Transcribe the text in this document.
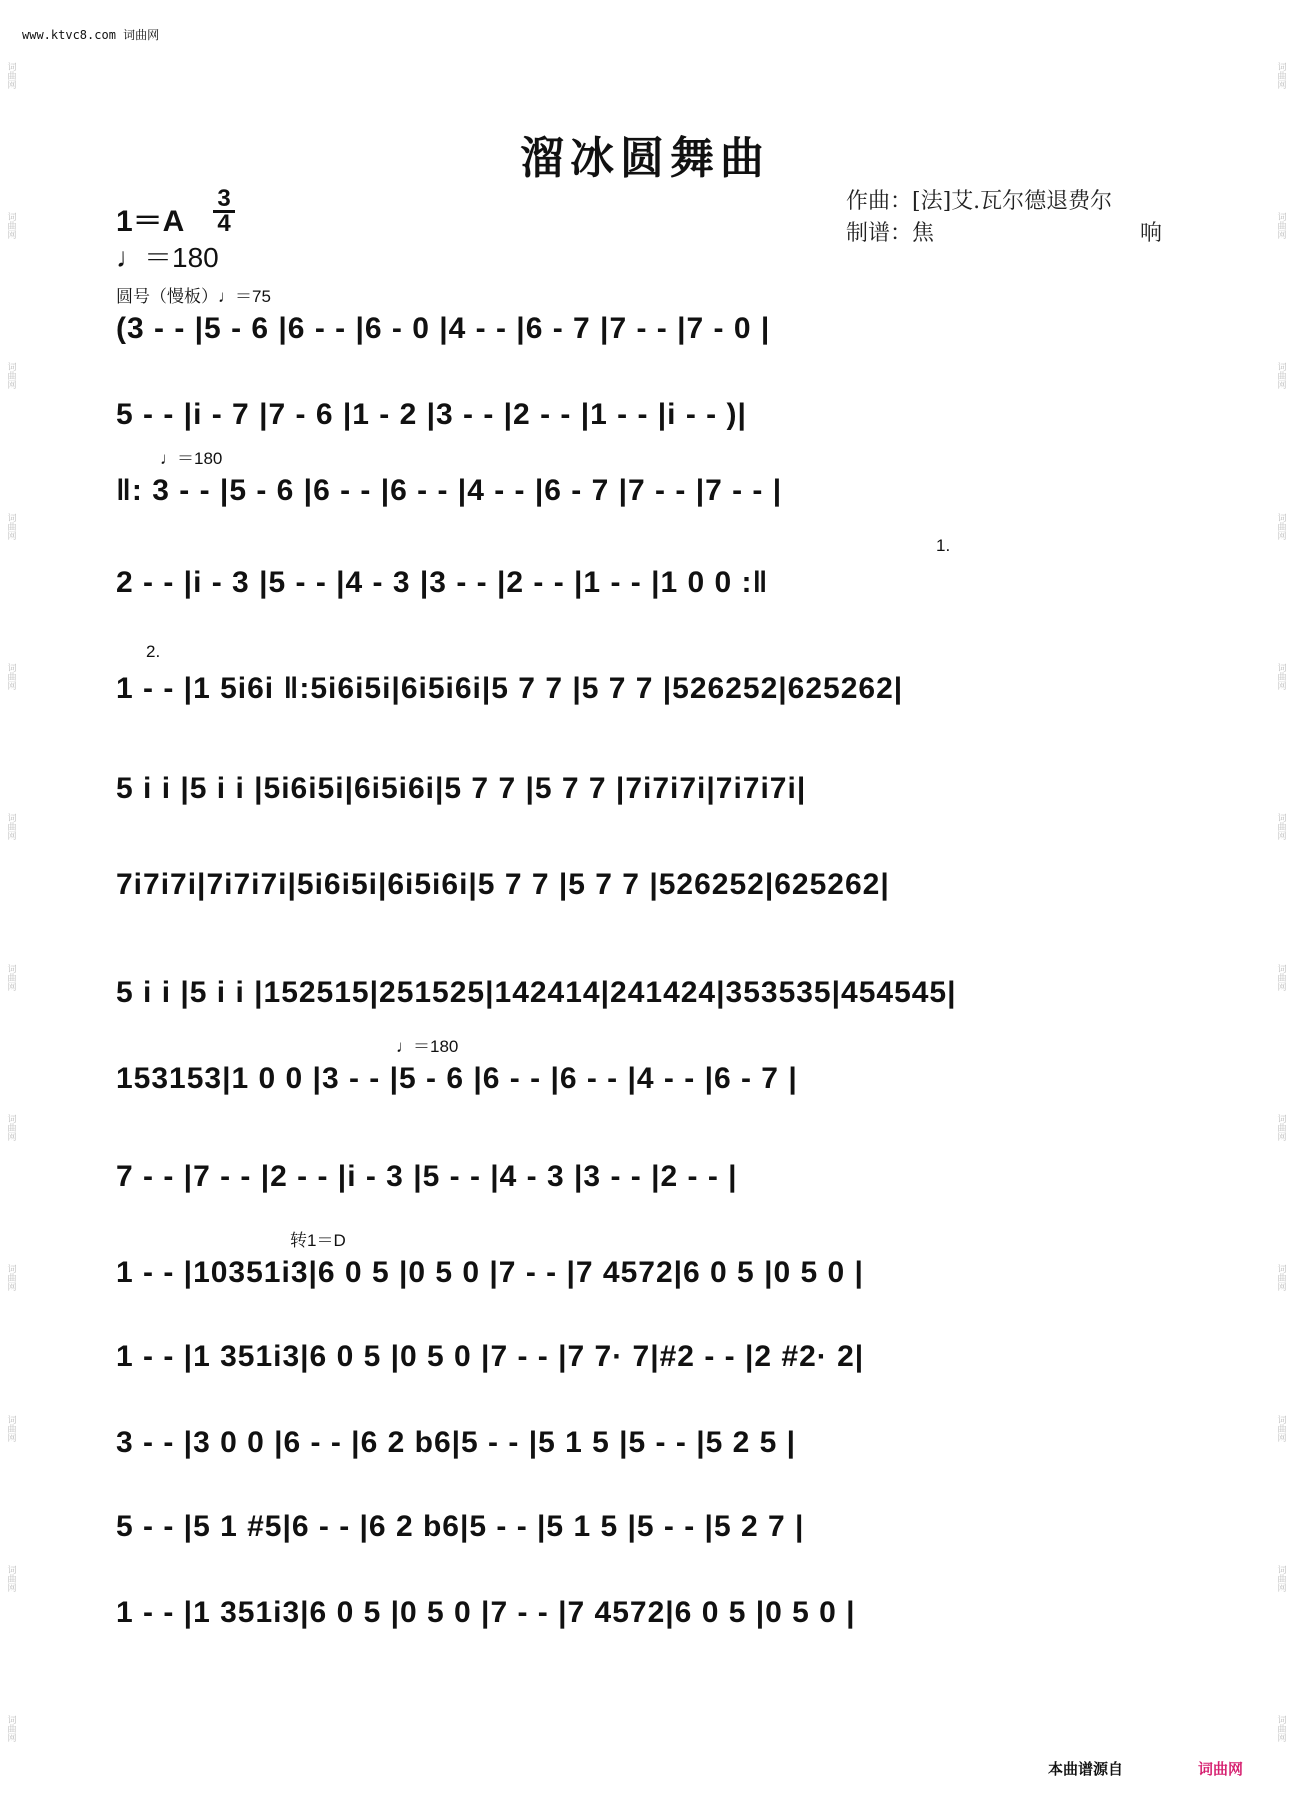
www.ktvc8.com 词曲网
词曲网
词曲网
词曲网
词曲网
词曲网
词曲网
词曲网
词曲网
词曲网
词曲网
词曲网
词曲网
词曲网
词曲网
词曲网
词曲网
词曲网
词曲网
词曲网
词曲网
词曲网
词曲网
词曲网
词曲网
溜冰圆舞曲
1＝A
3
4
♩＝180
作曲：[法]艾.瓦尔德退费尔
制谱：焦　　　　　响
圆号（慢板）♩＝75
(3 - - |5 - 6 |6 - - |6 - 0 |4 - - |6 - 7 |7 - - |7 - 0 |
5 - - |i - 7 |7 - 6 |1 - 2 |3 - - |2 - - |1 - - |i - - )|
♩＝180
‖: 3 - - |5 - 6 |6 - - |6 - - |4 - - |6 - 7 |7 - - |7 - - |
1.
2 - - |i - 3 |5 - - |4 - 3 |3 - - |2 - - |1 - - |1 0 0 :‖
2.
1 - - |1 5i6i ‖:5i6i5i|6i5i6i|5 7 7 |5 7 7 |526252|625262|
5 i i |5 i i |5i6i5i|6i5i6i|5 7 7 |5 7 7 |7i7i7i|7i7i7i|
7i7i7i|7i7i7i|5i6i5i|6i5i6i|5 7 7 |5 7 7 |526252|625262|
5 i i |5 i i |152515|251525|142414|241424|353535|454545|
♩＝180
153153|1 0 0 |3 - - |5 - 6 |6 - - |6 - - |4 - - |6 - 7 |
7 - - |7 - - |2 - - |i - 3 |5 - - |4 - 3 |3 - - |2 - - |
转1＝D
1 - - |10351i3|6 0 5 |0 5 0 |7 - - |7 4572|6 0 5 |0 5 0 |
1 - - |1 351i3|6 0 5 |0 5 0 |7 - - |7 7· 7|#2 - - |2 #2· 2|
3 - - |3 0 0 |6 - - |6 2 b6|5 - - |5 1 5 |5 - - |5 2 5 |
5 - - |5 1 #5|6 - - |6 2 b6|5 - - |5 1 5 |5 - - |5 2 7 |
1 - - |1 351i3|6 0 5 |0 5 0 |7 - - |7 4572|6 0 5 |0 5 0 |
本曲谱源自	词曲网
